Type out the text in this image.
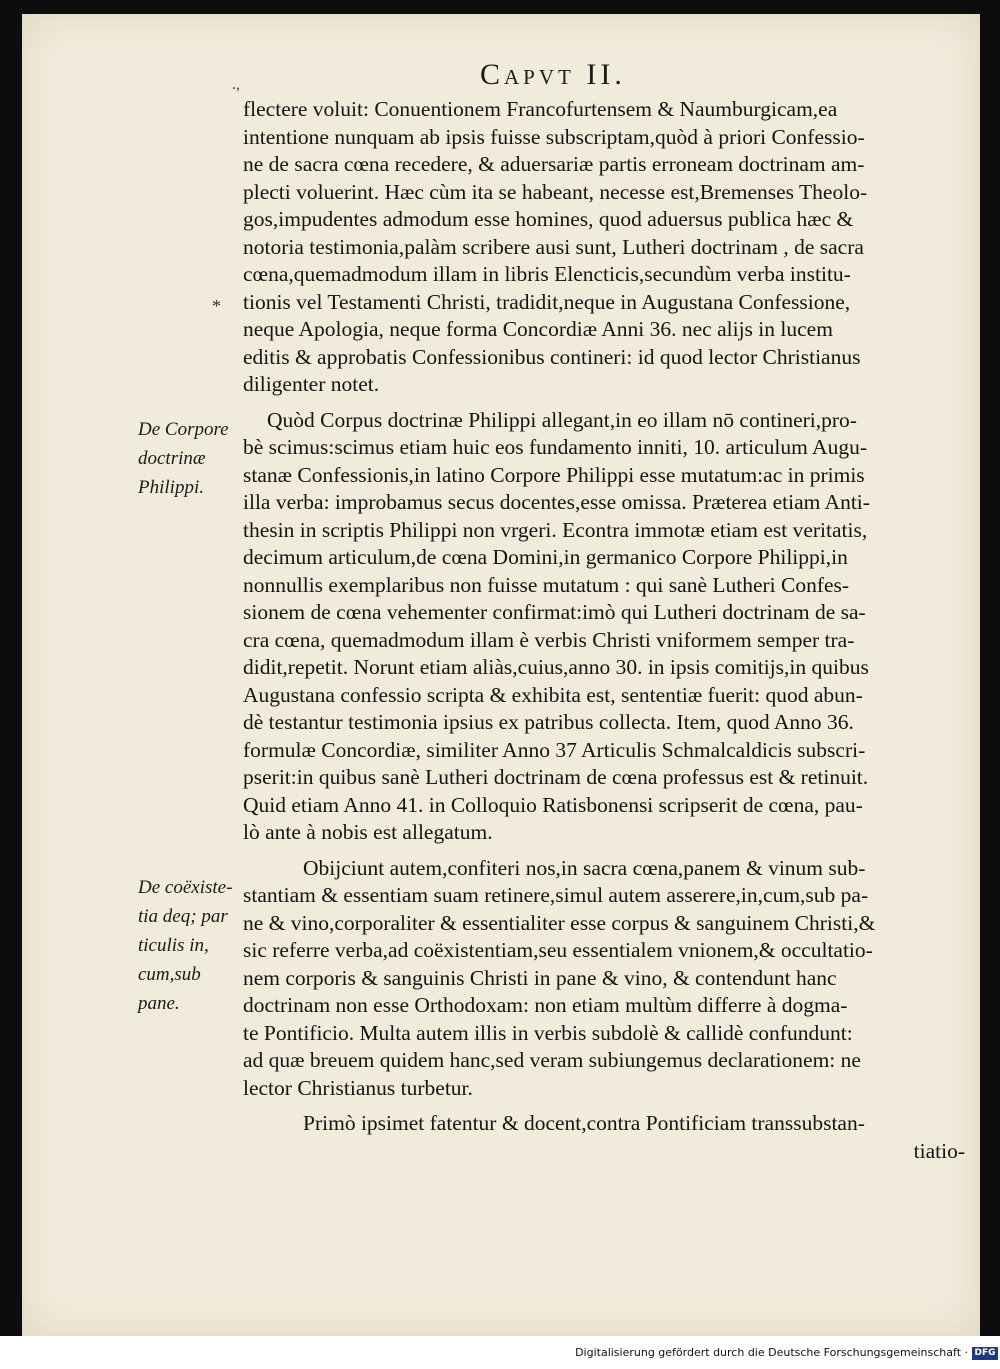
.,	Capvt II.
*
De Corpore
doctrinæ
Philippi.
De coëxiste-
tia deq; par
ticulis in,
cum,sub
pane.
flectere voluit: Conuentionem Francofurtensem & Naumburgicam,ea
intentione nunquam ab ipsis fuisse subscriptam,quòd à priori Confessio-
ne de sacra cœna recedere, & aduersariæ partis erroneam doctrinam am-
plecti voluerint. Hæc cùm ita se habeant, necesse est,Bremenses Theolo-
gos,impudentes admodum esse homines, quod aduersus publica hæc &
notoria testimonia,palàm scribere ausi sunt, Lutheri doctrinam , de sacra
cœna,quemadmodum illam in libris Elencticis,secundùm verba institu-
tionis vel Testamenti Christi, tradidit,neque in Augustana Confessione,
neque Apologia, neque forma Concordiæ Anni 36. nec alijs in lucem
editis & approbatis Confessionibus contineri: id quod lector Christianus
diligenter notet.
Quòd Corpus doctrinæ Philippi allegant,in eo illam nō contineri,pro-
bè scimus:scimus etiam huic eos fundamento inniti, 10. articulum Augu-
stanæ Confessionis,in latino Corpore Philippi esse mutatum:ac in primis
illa verba: improbamus secus docentes,esse omissa. Præterea etiam Anti-
thesin in scriptis Philippi non vrgeri. Econtra immotæ etiam est veritatis,
decimum articulum,de cœna Domini,in germanico Corpore Philippi,in
nonnullis exemplaribus non fuisse mutatum : qui sanè Lutheri Confes-
sionem de cœna vehementer confirmat:imò qui Lutheri doctrinam de sa-
cra cœna, quemadmodum illam è verbis Christi vniformem semper tra-
didit,repetit. Norunt etiam aliàs,cuius,anno 30. in ipsis comitijs,in quibus
Augustana confessio scripta & exhibita est, sententiæ fuerit: quod abun-
dè testantur testimonia ipsius ex patribus collecta. Item, quod Anno 36.
formulæ Concordiæ, similiter Anno 37 Articulis Schmalcaldicis subscri-
pserit:in quibus sanè Lutheri doctrinam de cœna professus est & retinuit.
Quid etiam Anno 41. in Colloquio Ratisbonensi scripserit de cœna, pau-
lò ante à nobis est allegatum.
Obijciunt autem,confiteri nos,in sacra cœna,panem & vinum sub-
stantiam & essentiam suam retinere,simul autem asserere,in,cum,sub pa-
ne & vino,corporaliter & essentialiter esse corpus & sanguinem Christi,&
sic referre verba,ad coëxistentiam,seu essentialem vnionem,& occultatio-
nem corporis & sanguinis Christi in pane & vino, & contendunt hanc
doctrinam non esse Orthodoxam: non etiam multùm differre à dogma-
te Pontificio. Multa autem illis in verbis subdolè & callidè confundunt:
ad quæ breuem quidem hanc,sed veram subiungemus declarationem: ne
lector Christianus turbetur.
Primò ipsimet fatentur & docent,contra Pontificiam transsubstan-
tiatio-
Digitalisierung gefördert durch die Deutsche Forschungsgemeinschaft · DFG
